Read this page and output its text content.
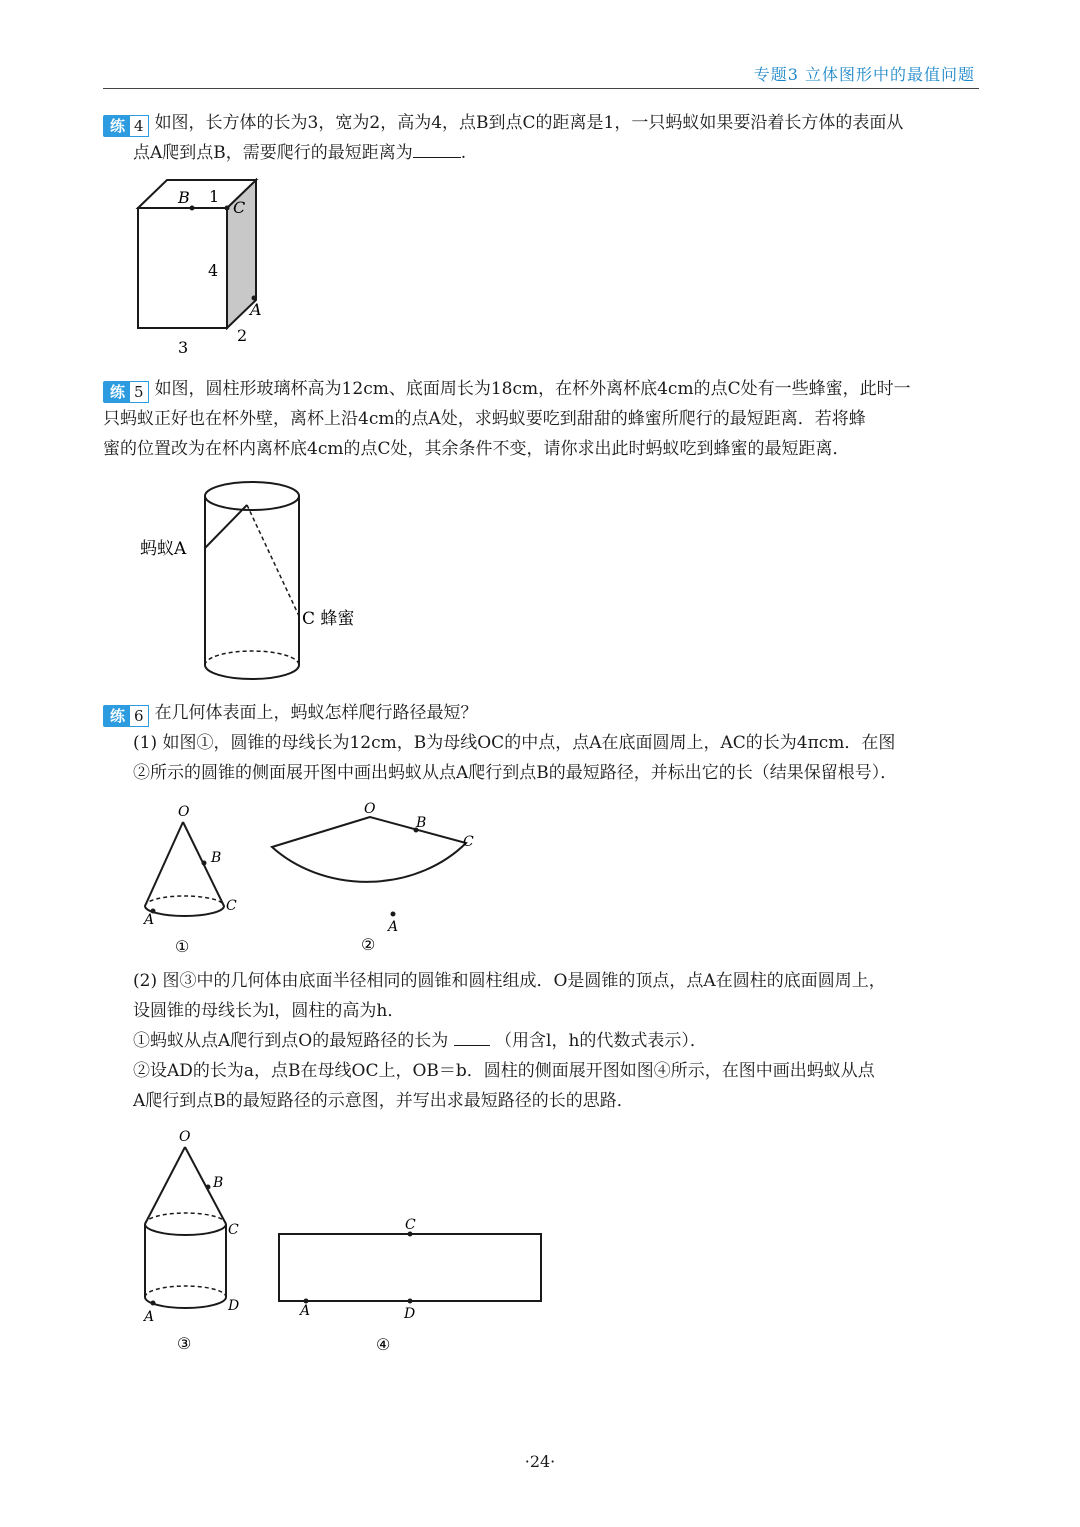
专题3 立体图形中的最值问题
练 4 如图，长方体的长为3，宽为2，高为4，点B到点C的距离是1，一只蚂蚁如果要沿着长方体的表面从
点A爬到点B，需要爬行的最短距离为	.
B 1
C
4
A
3
2
练 5 如图，圆柱形玻璃杯高为12cm、底面周长为18cm，在杯外离杯底4cm的点C处有一些蜂蜜，此时一
只蚂蚁正好也在杯外壁，离杯上沿4cm的点A处，求蚂蚁要吃到甜甜的蜂蜜所爬行的最短距离．若将蜂
蜜的位置改为在杯内离杯底4cm的点C处，其余条件不变，请你求出此时蚂蚁吃到蜂蜜的最短距离．
蚂蚁A
C 蜂蜜
练 6 在几何体表面上，蚂蚁怎样爬行路径最短？
(1) 如图①，圆锥的母线长为12cm，B为母线OC的中点，点A在底面圆周上，AC的长为4πcm．在图
②所示的圆锥的侧面展开图中画出蚂蚁从点A爬行到点B的最短路径，并标出它的长（结果保留根号）．
O
B
C
A
①
O
B
C
A
②
(2) 图③中的几何体由底面半径相同的圆锥和圆柱组成．O是圆锥的顶点，点A在圆柱的底面圆周上，
设圆锥的母线长为l，圆柱的高为h．
①蚂蚁从点A爬行到点O的最短路径的长为	（用含l，h的代数式表示）．
②设AD的长为a，点B在母线OC上，OB＝b．圆柱的侧面展开图如图④所示，在图中画出蚂蚁从点
A爬行到点B的最短路径的示意图，并写出求最短路径的长的思路．
O
B
C
A
D
③
C
A	D
④
·24·
